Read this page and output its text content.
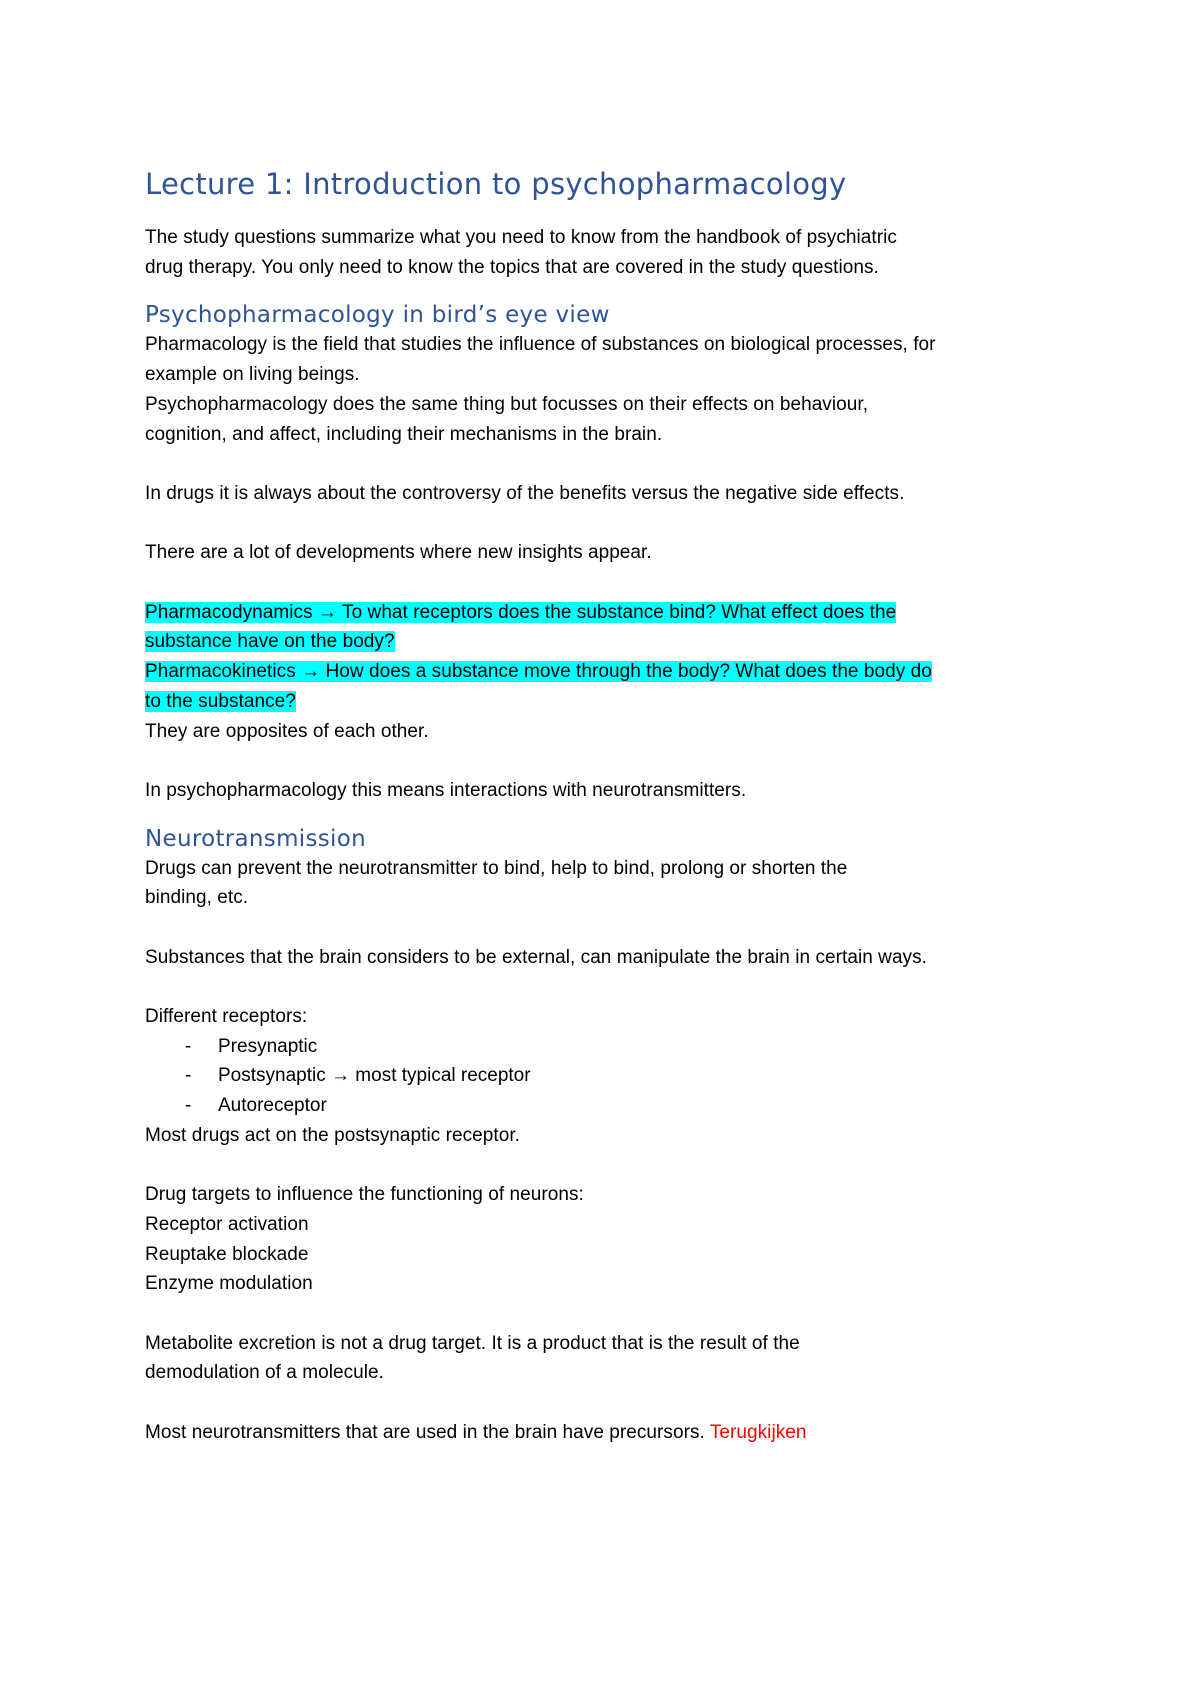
Lecture 1: Introduction to psychopharmacology

The study questions summarize what you need to know from the handbook of psychiatric

drug therapy. You only need to know the topics that are covered in the study questions.

Psychopharmacology in bird’s eye view

Pharmacology is the field that studies the influence of substances on biological processes, for

example on living beings.

Psychopharmacology does the same thing but focusses on their effects on behaviour,

cognition, and affect, including their mechanisms in the brain.

In drugs it is always about the controversy of the benefits versus the negative side effects.

There are a lot of developments where new insights appear.

Pharmacodynamics → To what receptors does the substance bind? What effect does the

substance have on the body?

Pharmacokinetics → How does a substance move through the body? What does the body do

to the substance?

They are opposites of each other.

In psychopharmacology this means interactions with neurotransmitters.

Neurotransmission

Drugs can prevent the neurotransmitter to bind, help to bind, prolong or shorten the

binding, etc.

Substances that the brain considers to be external, can manipulate the brain in certain ways.

Different receptors:

- Presynaptic
- Postsynaptic → most typical receptor
- Autoreceptor

Most drugs act on the postsynaptic receptor.

Drug targets to influence the functioning of neurons:

Receptor activation

Reuptake blockade

Enzyme modulation

Metabolite excretion is not a drug target. It is a product that is the result of the

demodulation of a molecule.

Most neurotransmitters that are used in the brain have precursors. Terugkijken
